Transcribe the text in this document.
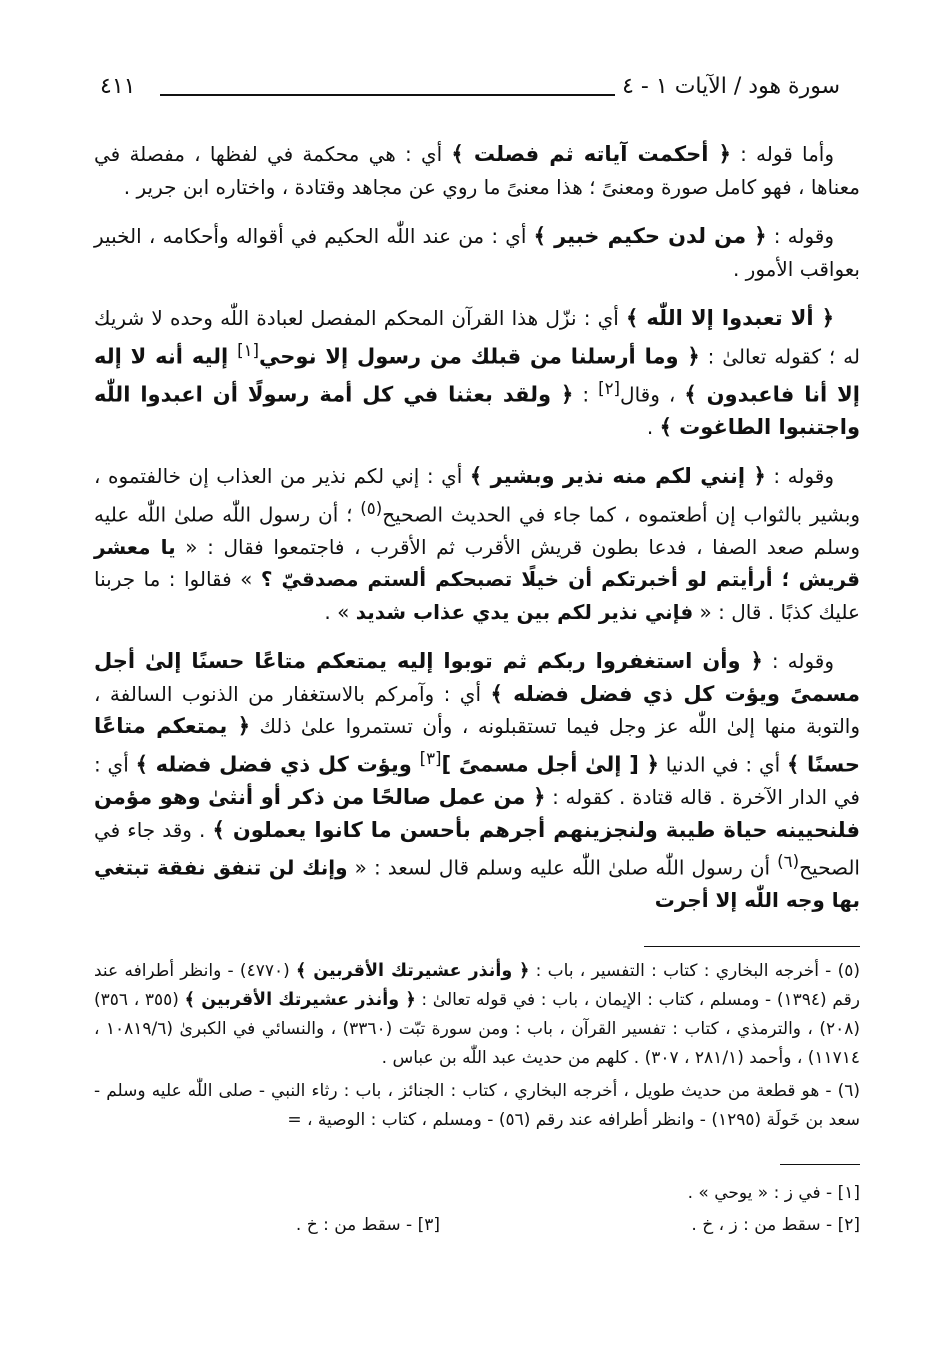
سورة هود / الآيات ١ - ٤
٤١١

وأما قوله : ﴿ أحكمت آياته ثم فصلت ﴾ أي : هي محكمة في لفظها ، مفصلة في معناها ، فهو كامل صورة ومعنىً ؛ هذا معنىً ما روي عن مجاهد وقتادة ، واختاره ابن جرير .

وقوله : ﴿ من لدن حكيم خبير ﴾ أي : من عند اللّٰه الحكيم في أقواله وأحكامه ، الخبير بعواقب الأمور .

﴿ ألا تعبدوا إلا اللّٰه ﴾ أي : نزّل هذا القرآن المحكم المفصل لعبادة اللّٰه وحده لا شريك له ؛ كقوله تعالىٰ : ﴿ وما أرسلنا من قبلك من رسول إلا نوحي[١] إليه أنه لا إله إلا أنا فاعبدون ﴾ ، وقال[٢] : ﴿ ولقد بعثنا في كل أمة رسولًا أن اعبدوا اللّٰه واجتنبوا الطاغوت ﴾ .

وقوله : ﴿ إنني لكم منه نذير وبشير ﴾ أي : إني لكم نذير من العذاب إن خالفتموه ، وبشير بالثواب إن أطعتموه ، كما جاء في الحديث الصحيح$^{(٥)}$ ؛ أن رسول اللّٰه صلىٰ اللّٰه عليه وسلم صعد الصفا ، فدعا بطون قريش الأقرب ثم الأقرب ، فاجتمعوا فقال : « يا معشر قريش ؛ أرأيتم لو أخبرتكم أن خيلًا تصبحكم ألستم مصدقيّ ؟ » فقالوا : ما جربنا عليك كذبًا . قال : « فإني نذير لكم بين يدي عذاب شديد » .

وقوله : ﴿ وأن استغفروا ربكم ثم توبوا إليه يمتعكم متاعًا حسنًا إلىٰ أجل مسمىً ويؤت كل ذي فضل فضله ﴾ أي : وآمركم بالاستغفار من الذنوب السالفة ، والتوبة منها إلىٰ اللّٰه عز وجل فيما تستقبلونه ، وأن تستمروا علىٰ ذلك ﴿ يمتعكم متاعًا حسنًا ﴾ أي : في الدنيا ﴿ [ إلىٰ أجل مسمىً ][٣] ويؤت كل ذي فضل فضله ﴾ أي : في الدار الآخرة . قاله قتادة . كقوله : ﴿ من عمل صالحًا من ذكر أو أنثىٰ وهو مؤمن فلنحيينه حياة طيبة ولنجزينهم أجرهم بأحسن ما كانوا يعملون ﴾ . وقد جاء في الصحيح$^{(٦)}$ أن رسول اللّٰه صلىٰ اللّٰه عليه وسلم قال لسعد : « وإنك لن تنفق نفقة تبتغي بها وجه اللّٰه إلا أجرت

(٥) - أخرجه البخاري : كتاب : التفسير ، باب : ﴿ وأنذر عشيرتك الأقربين ﴾ (٤٧٧٠) - وانظر أطرافه عند رقم (١٣٩٤) - ومسلم ، كتاب : الإيمان ، باب : في قوله تعالىٰ : ﴿ وأنذر عشيرتك الأقربين ﴾ (٣٥٥ ، ٣٥٦) (٢٠٨) ، والترمذي ، كتاب : تفسير القرآن ، باب : ومن سورة تبّت (٣٣٦٠) ، والنسائي في الكبرىٰ (١٠٨١٩/٦ ، ١١٧١٤) ، وأحمد (٢٨١/١ ، ٣٠٧) . كلهم من حديث عبد اللّٰه بن عباس .

(٦) - هو قطعة من حديث طويل ، أخرجه البخاري ، كتاب : الجنائز ، باب : رثاء النبي - صلى اللّٰه عليه وسلم - سعد بن خَولَة (١٢٩٥) - وانظر أطرافه عند رقم (٥٦) - ومسلم ، كتاب : الوصية ، =

[١] - في ز : « يوحي » .
[٢] - سقط من : ز ، خ .
[٣] - سقط من : خ .
